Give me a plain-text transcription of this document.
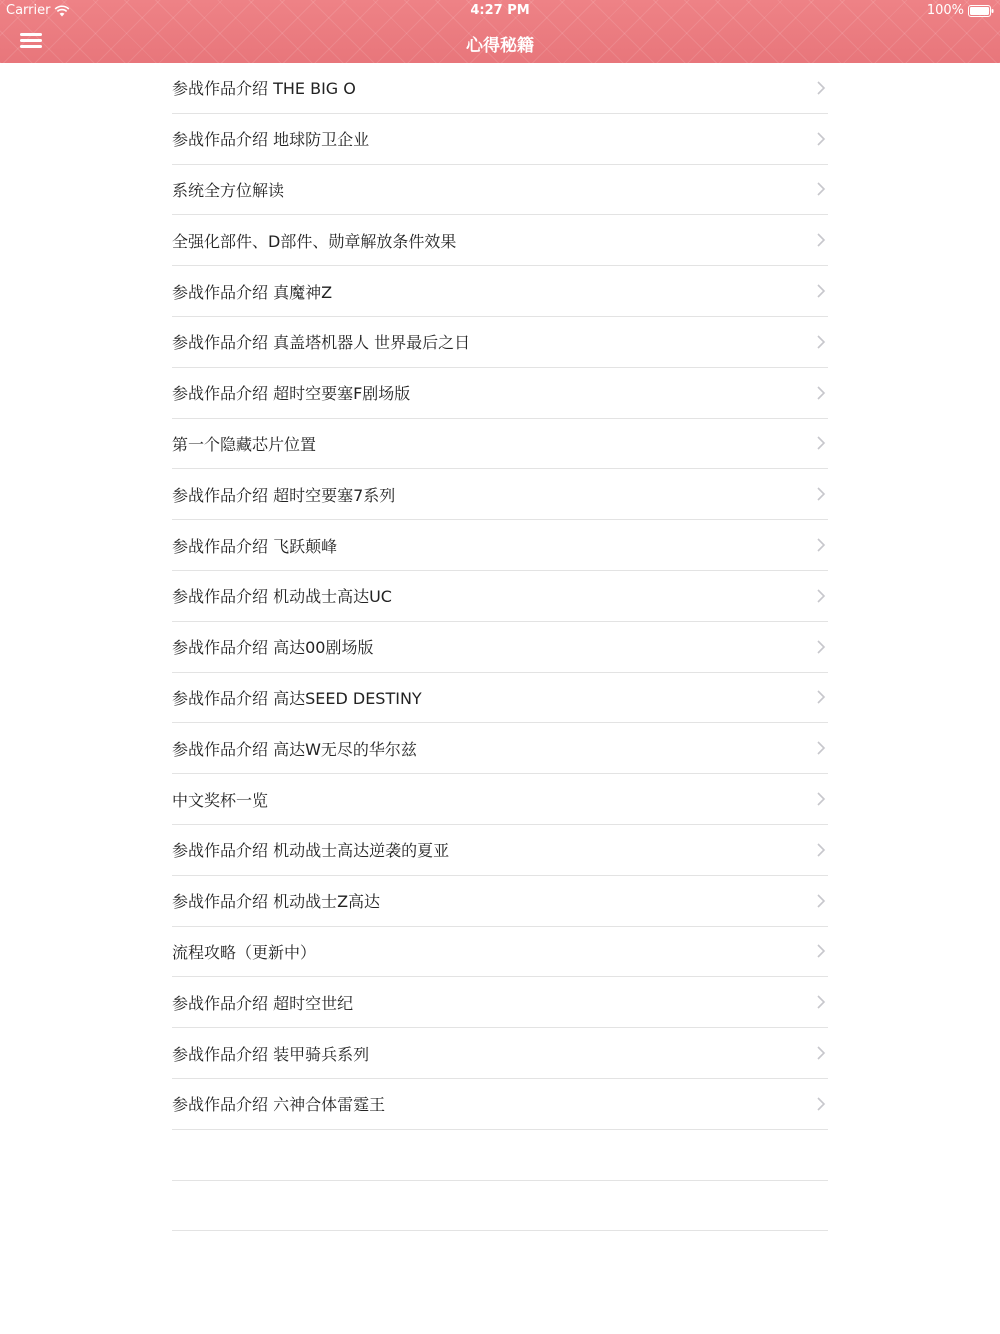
Carrier	4:27 PM	100%
心得秘籍
参战作品介绍 THE BIG O
参战作品介绍 地球防卫企业
系统全方位解读
全强化部件、D部件、勋章解放条件效果
参战作品介绍 真魔神Z
参战作品介绍 真盖塔机器人 世界最后之日
参战作品介绍 超时空要塞F剧场版
第一个隐藏芯片位置
参战作品介绍 超时空要塞7系列
参战作品介绍 飞跃颠峰
参战作品介绍 机动战士高达UC
参战作品介绍 高达00剧场版
参战作品介绍 高达SEED DESTINY
参战作品介绍 高达W无尽的华尔兹
中文奖杯一览
参战作品介绍 机动战士高达逆袭的夏亚
参战作品介绍 机动战士Z高达
流程攻略（更新中）
参战作品介绍 超时空世纪
参战作品介绍 装甲骑兵系列
参战作品介绍 六神合体雷霆王
